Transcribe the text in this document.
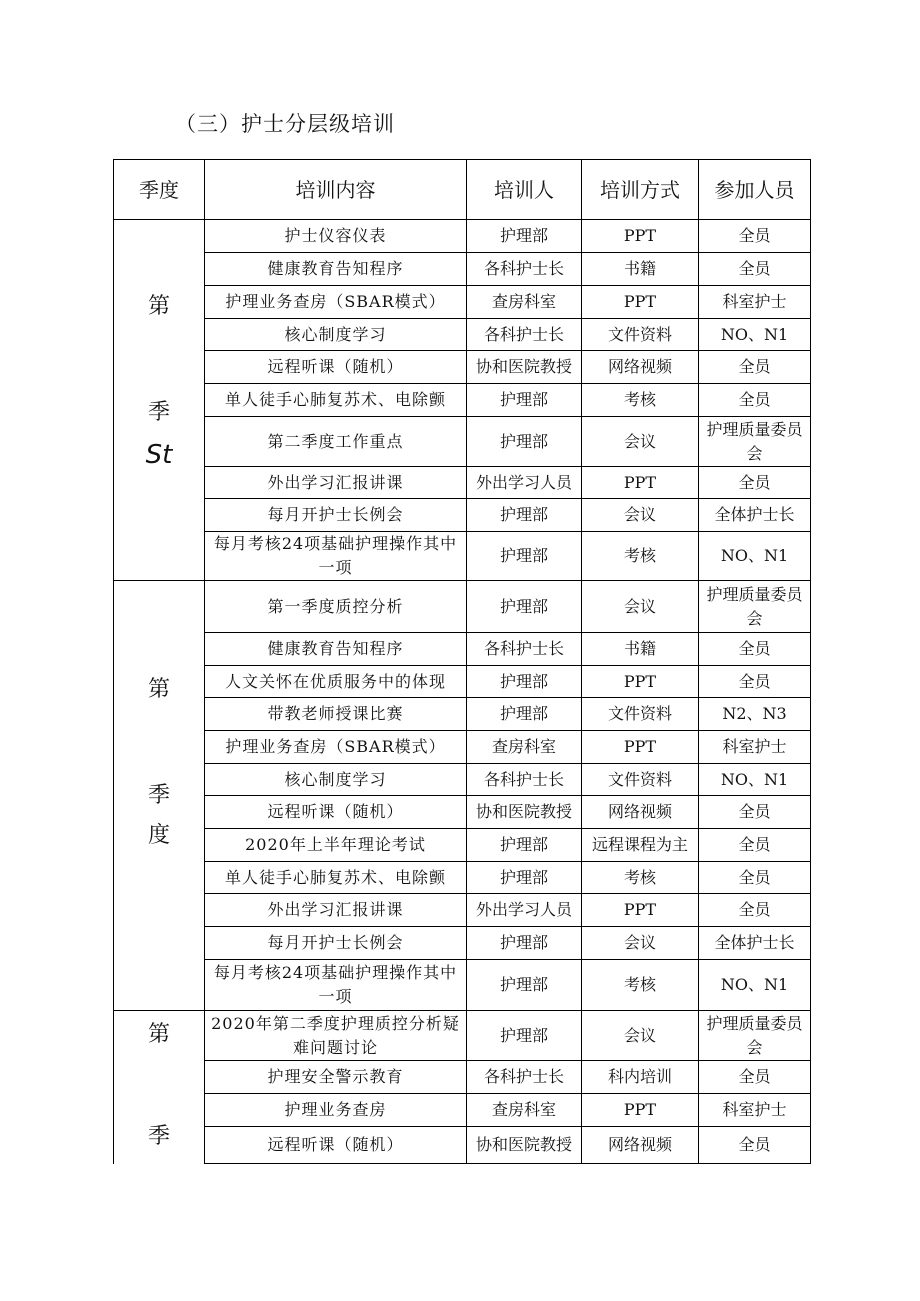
（三）护士分层级培训
季度	培训内容	培训人	培训方式	参加人员

第
季
St	护士仪容仪表	护理部	PPT	全员
	健康教育告知程序	各科护士长	书籍	全员
	护理业务查房（SBAR模式）	查房科室	PPT	科室护士
	核心制度学习	各科护士长	文件资料	NO、N1
	远程听课（随机）	协和医院教授	网络视频	全员
	单人徒手心肺复苏术、电除颤	护理部	考核	全员
	第二季度工作重点	护理部	会议	护理质量委员会
	外出学习汇报讲课	外出学习人员	PPT	全员
	每月开护士长例会	护理部	会议	全体护士长
	每月考核24项基础护理操作其中一项	护理部	考核	NO、N1

第
季
度	第一季度质控分析	护理部	会议	护理质量委员会
	健康教育告知程序	各科护士长	书籍	全员
	人文关怀在优质服务中的体现	护理部	PPT	全员
	带教老师授课比赛	护理部	文件资料	N2、N3
	护理业务查房（SBAR模式）	查房科室	PPT	科室护士
	核心制度学习	各科护士长	文件资料	NO、N1
	远程听课（随机）	协和医院教授	网络视频	全员
	2020年上半年理论考试	护理部	远程课程为主	全员
	单人徒手心肺复苏术、电除颤	护理部	考核	全员
	外出学习汇报讲课	外出学习人员	PPT	全员
	每月开护士长例会	护理部	会议	全体护士长
	每月考核24项基础护理操作其中一项	护理部	考核	NO、N1

第
季	2020年第二季度护理质控分析疑难问题讨论	护理部	会议	护理质量委员会
	护理安全警示教育	各科护士长	科内培训	全员
	护理业务查房	查房科室	PPT	科室护士
	远程听课（随机）	协和医院教授	网络视频	全员
